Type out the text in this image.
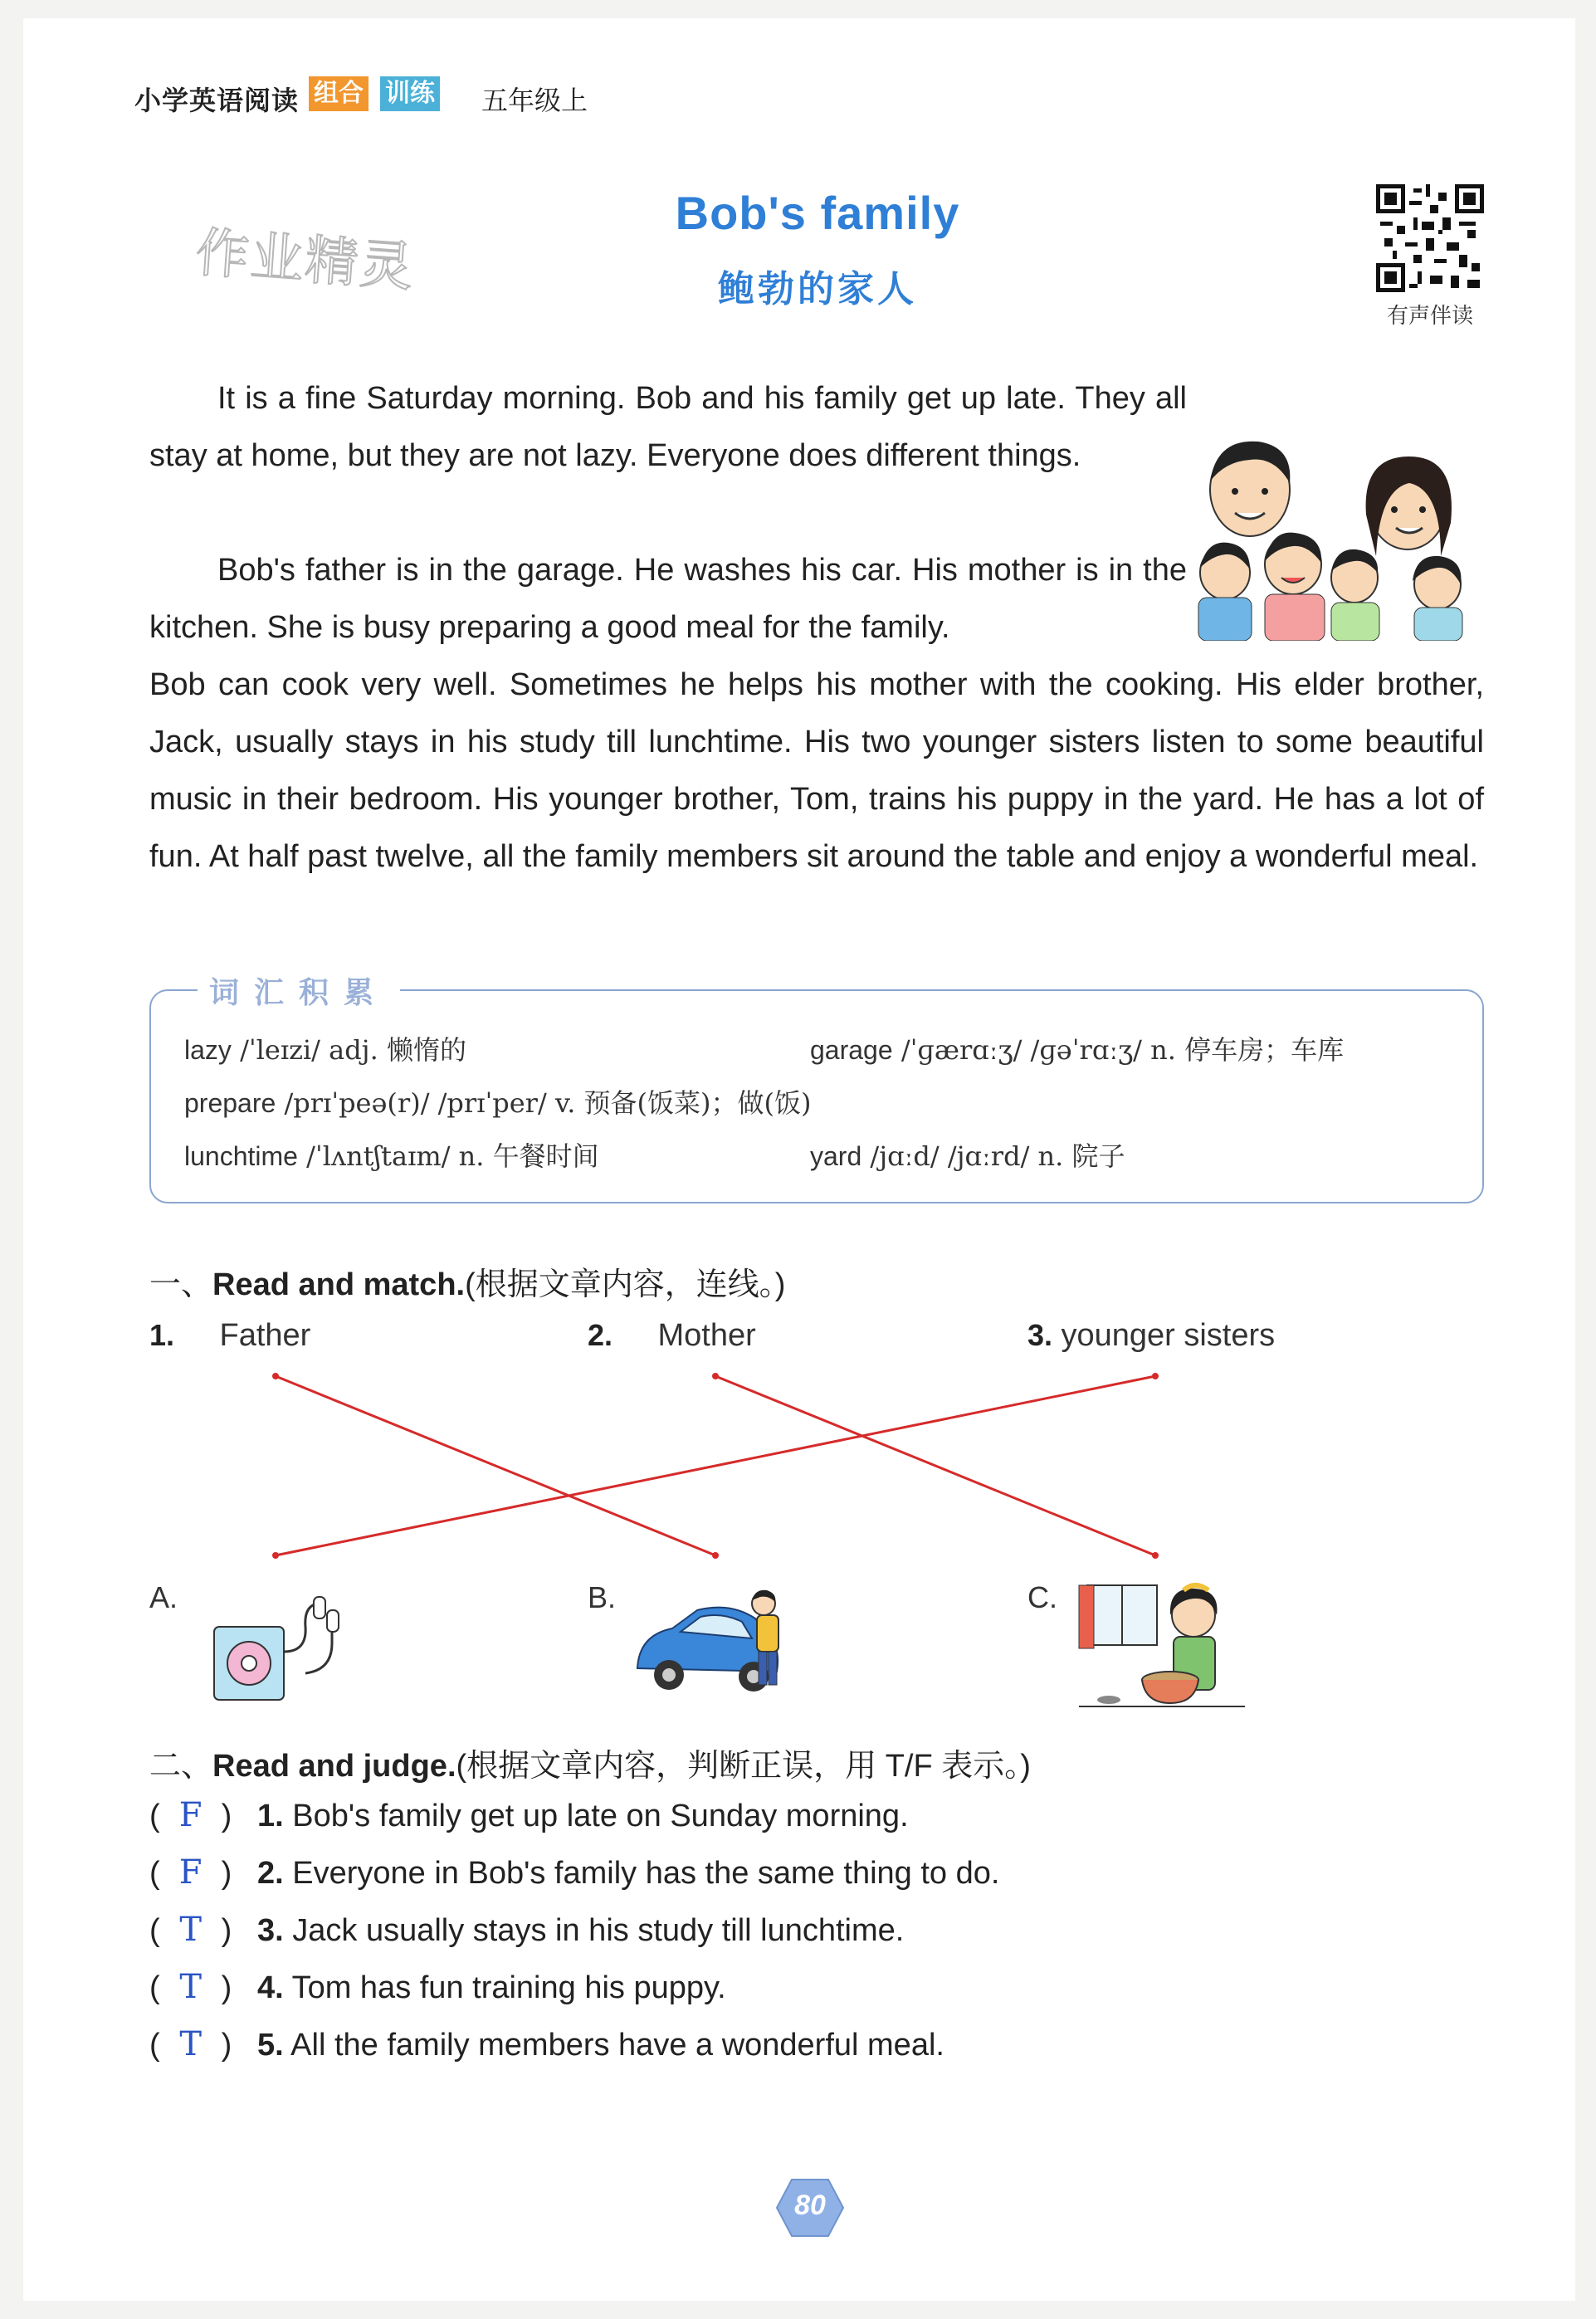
小学英语阅读 组合 训练 五年级上
作业精灵
Bob's family
鲍勃的家人
有声伴读
It is a fine Saturday morning. Bob and his family get up late. They all stay at home, but they are not lazy. Everyone does different things.
Bob's father is in the garage. He washes his car. His mother is in the kitchen. She is busy preparing a good meal for the family.
Bob can cook very well. Sometimes he helps his mother with the cooking. His elder brother, Jack, usually stays in his study till lunchtime. His two younger sisters listen to some beautiful music in their bedroom. His younger brother, Tom, trains his puppy in the yard. He has a lot of fun. At half past twelve, all the family members sit around the table and enjoy a wonderful meal.
词汇积累
lazy /ˈleɪzi/ adj. 懒惰的	garage /ˈɡærɑːʒ/ /ɡəˈrɑːʒ/ n. 停车房；车库
prepare /prɪˈpeə(r)/ /prɪˈper/ v. 预备(饭菜)；做(饭)
lunchtime /ˈlʌntʃtaɪm/ n. 午餐时间	yard /jɑːd/ /jɑːrd/ n. 院子
一、Read and match.(根据文章内容，连线。)
1. Father	2. Mother	3. younger sisters
A.	B.	C.
二、Read and judge.(根据文章内容，判断正误，用 T/F 表示。)
( F ) 1. Bob's family get up late on Sunday morning.
( F ) 2. Everyone in Bob's family has the same thing to do.
( T ) 3. Jack usually stays in his study till lunchtime.
( T ) 4. Tom has fun training his puppy.
( T ) 5. All the family members have a wonderful meal.
80
